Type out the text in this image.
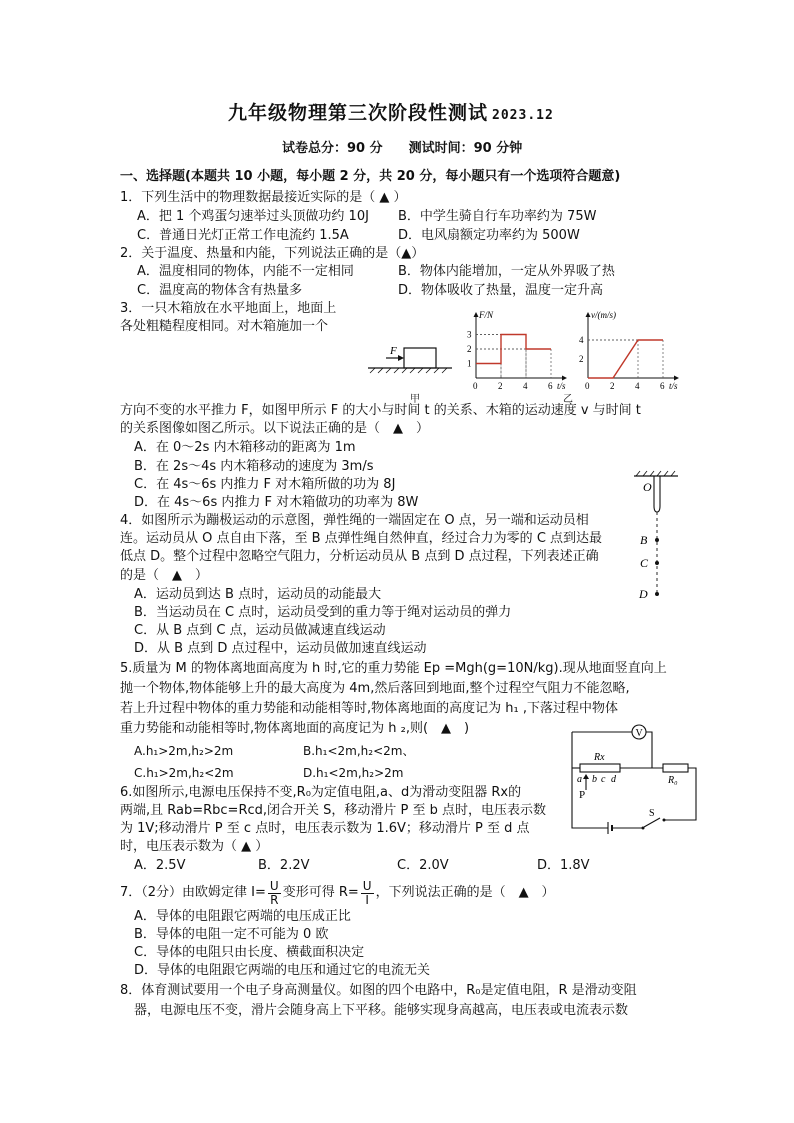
九年级物理第三次阶段性测试 2023.12
试卷总分：90 分　　测试时间：90 分钟
一、选择题(本题共 10 小题，每小题 2 分，共 20 分，每小题只有一个选项符合题意)
1．下列生活中的物理数据最接近实际的是（ ▲ ）
A．把 1 个鸡蛋匀速举过头顶做功约 10J B．中学生骑自行车功率约为 75W
C．普通日光灯正常工作电流约 1.5A	D．电风扇额定功率约为 500W
2．关于温度、热量和内能，下列说法正确的是（▲）
A．温度相同的物体，内能不一定相同	B．物体内能增加，一定从外界吸了热
C．温度高的物体含有热量多	D．物体吸收了热量，温度一定升高
3．一只木箱放在水平地面上，地面上
各处粗糙程度相同。对木箱施加一个
F
0 2 4 6
1
2
3
F/N
t/s 0 2 4 6
2
4
v/(m/s)
t/s
甲	乙
方向不变的水平推力 F，如图甲所示 F 的大小与时间 t 的关系、木箱的运动速度 v 与时间 t
的关系图像如图乙所示。以下说法正确的是（　▲　）
A．在 0～2s 内木箱移动的距离为 1m
B．在 2s～4s 内木箱移动的速度为 3m/s
C．在 4s～6s 内推力 F 对木箱所做的功为 8J
D．在 4s～6s 内推力 F 对木箱做功的功率为 8W
O
B
C
D
4．如图所示为蹦极运动的示意图，弹性绳的一端固定在 O 点，另一端和运动员相
连。运动员从 O 点自由下落，至 B 点弹性绳自然伸直，经过合力为零的 C 点到达最
低点 D。整个过程中忽略空气阻力，分析运动员从 B 点到 D 点过程，下列表述正确
的是（　▲　）
A．运动员到达 B 点时，运动员的动能最大
B．当运动员在 C 点时，运动员受到的重力等于绳对运动员的弹力
C．从 B 点到 C 点，运动员做减速直线运动
D．从 B 点到 D 点过程中，运动员做加速直线运动
5.质量为 M 的物体离地面高度为 h 时,它的重力势能 Ep =Mgh(g=10N/kg).现从地面竖直向上
抛一个物体,物体能够上升的最大高度为 4m,然后落回到地面,整个过程空气阻力不能忽略,
若上升过程中物体的重力势能和动能相等时,物体离地面的高度记为 h₁ ,下落过程中物体
重力势能和动能相等时,物体离地面的高度记为 h ₂,则(　▲　)
A.h₁>2m,h₂>2m	B.h₁<2m,h₂<2m、
C.h₁>2m,h₂<2m	D.h₁<2m,h₂>2m
V
Rx
R₀
a b c d
P
S
6.如图所示,电源电压保持不变,R₀为定值电阻,a、d为滑动变阻器 Rx的
两端,且 Rab=Rbc=Rcd,闭合开关 S，移动滑片 P 至 b 点时，电压表示数
为 1V;移动滑片 P 至 c 点时，电压表示数为 1.6V；移动滑片 P 至 d 点
时，电压表示数为（ ▲ ）
A．2.5V	B．2.2V	C．2.0V	D．1.8V
7．（2分）由欧姆定律 $I= \frac{U}{R}$ 变形可得 $R= \frac{U}{I}$ ，下列说法正确的是（　▲　）
A．导体的电阻跟它两端的电压成正比
B．导体的电阻一定不可能为 0 欧
C．导体的电阻只由长度、横截面积决定
D．导体的电阻跟它两端的电压和通过它的电流无关
8．体育测试要用一个电子身高测量仪。如图的四个电路中，R₀是定值电阻，R 是滑动变阻
器，电源电压不变，滑片会随身高上下平移。能够实现身高越高，电压表或电流表示数
